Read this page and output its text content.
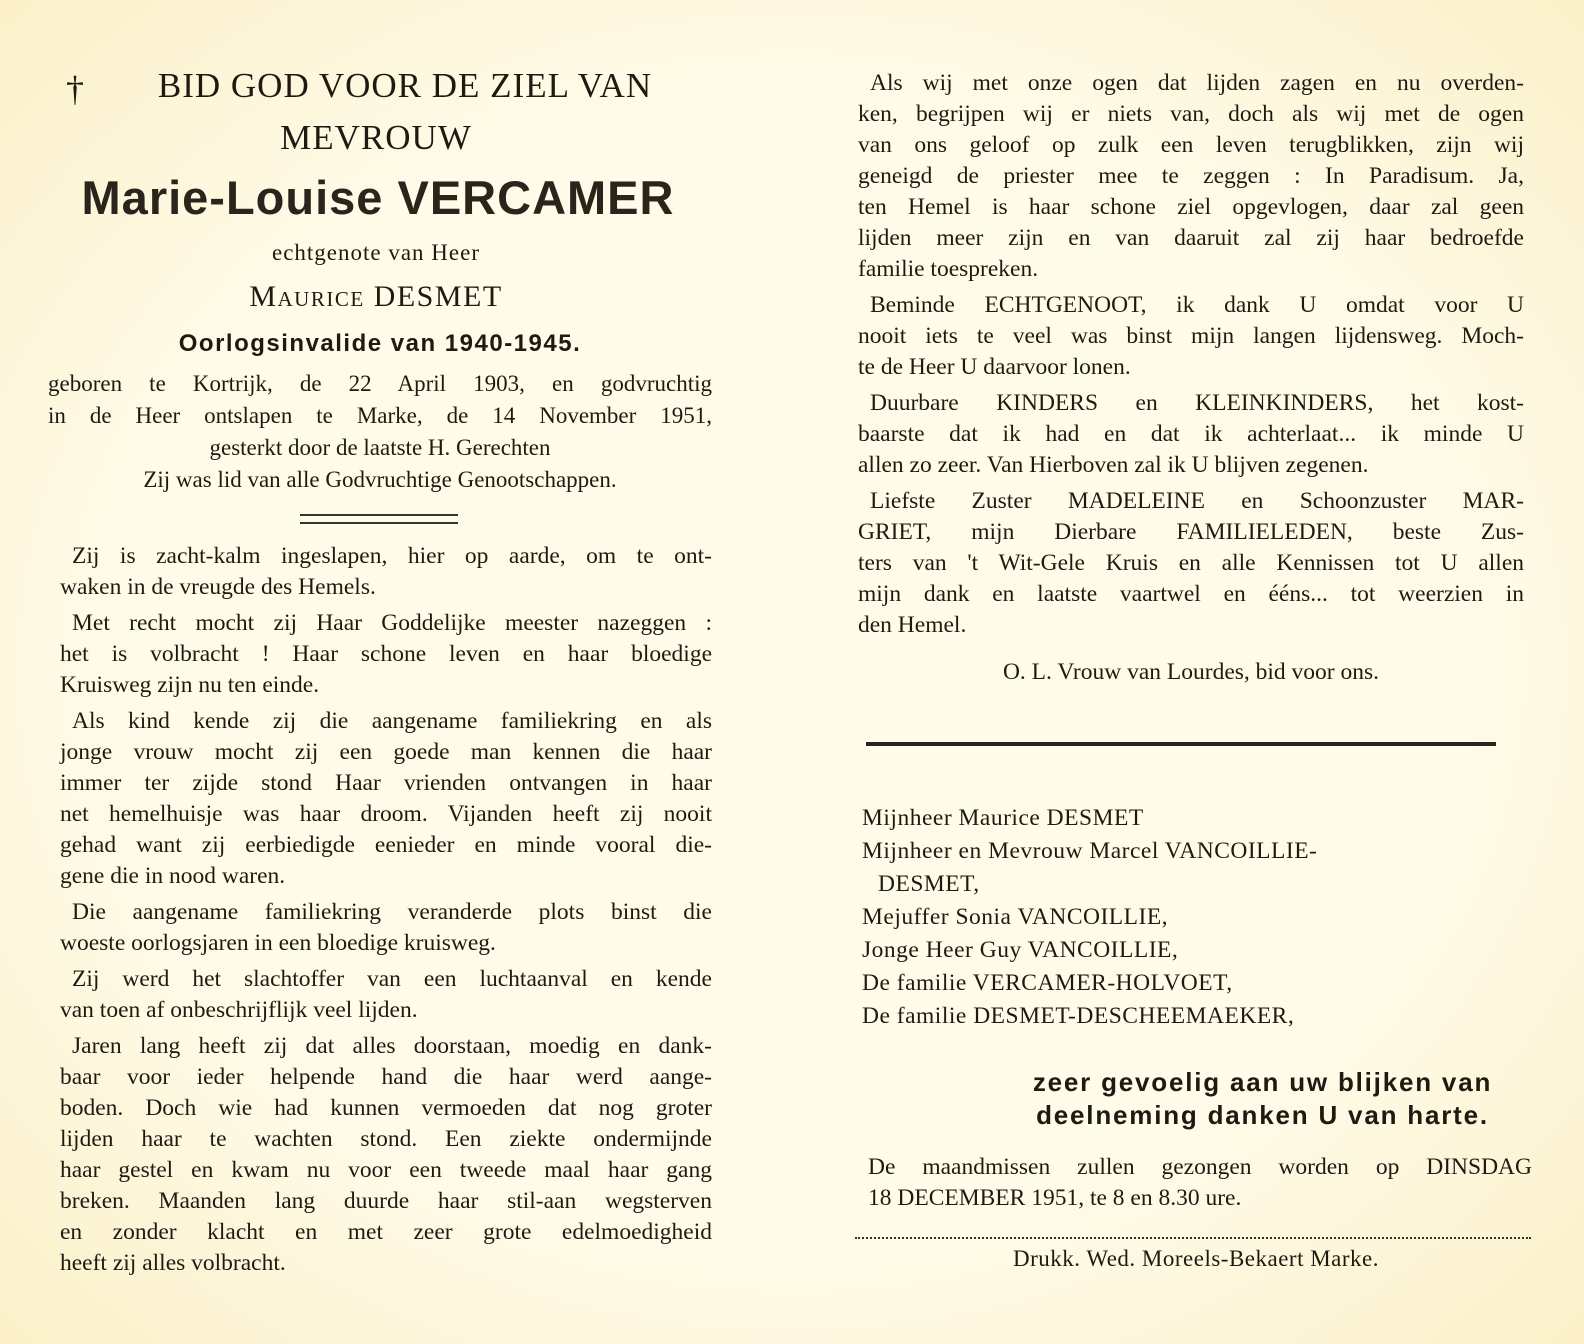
†	BID GOD VOOR DE ZIEL VAN
MEVROUW
Marie-Louise VERCAMER
echtgenote van Heer
Maurice DESMET
Oorlogsinvalide van 1940-1945.
geboren te Kortrijk, de 22 April 1903, en godvruchtig
in de Heer ontslapen te Marke, de 14 November 1951,
gesterkt door de laatste H. Gerechten
Zij was lid van alle Godvruchtige Genootschappen.
Zij is zacht-kalm ingeslapen, hier op aarde, om te ont-
waken in de vreugde des Hemels.
Met recht mocht zij Haar Goddelijke meester nazeggen :
het is volbracht ! Haar schone leven en haar bloedige
Kruisweg zijn nu ten einde.
Als kind kende zij die aangename familiekring en als
jonge vrouw mocht zij een goede man kennen die haar
immer ter zijde stond Haar vrienden ontvangen in haar
net hemelhuisje was haar droom. Vijanden heeft zij nooit
gehad want zij eerbiedigde eenieder en minde vooral die-
gene die in nood waren.
Die aangename familiekring veranderde plots binst die
woeste oorlogsjaren in een bloedige kruisweg.
Zij werd het slachtoffer van een luchtaanval en kende
van toen af onbeschrijflijk veel lijden.
Jaren lang heeft zij dat alles doorstaan, moedig en dank-
baar voor ieder helpende hand die haar werd aange-
boden. Doch wie had kunnen vermoeden dat nog groter
lijden haar te wachten stond. Een ziekte ondermijnde
haar gestel en kwam nu voor een tweede maal haar gang
breken. Maanden lang duurde haar stil-aan wegsterven
en zonder klacht en met zeer grote edelmoedigheid
heeft zij alles volbracht.
Als wij met onze ogen dat lijden zagen en nu overden-
ken, begrijpen wij er niets van, doch als wij met de ogen
van ons geloof op zulk een leven terugblikken, zijn wij
geneigd de priester mee te zeggen : In Paradisum. Ja,
ten Hemel is haar schone ziel opgevlogen, daar zal geen
lijden meer zijn en van daaruit zal zij haar bedroefde
familie toespreken.
Beminde ECHTGENOOT, ik dank U omdat voor U
nooit iets te veel was binst mijn langen lijdensweg. Moch-
te de Heer U daarvoor lonen.
Duurbare KINDERS en KLEINKINDERS, het kost-
baarste dat ik had en dat ik achterlaat... ik minde U
allen zo zeer. Van Hierboven zal ik U blijven zegenen.
Liefste Zuster MADELEINE en Schoonzuster MAR-
GRIET, mijn Dierbare FAMILIELEDEN, beste Zus-
ters van 't Wit-Gele Kruis en alle Kennissen tot U allen
mijn dank en laatste vaartwel en ééns... tot weerzien in
den Hemel.
O. L. Vrouw van Lourdes, bid voor ons.
Mijnheer Maurice DESMET
Mijnheer en Mevrouw Marcel VANCOILLIE-
DESMET,
Mejuffer Sonia VANCOILLIE,
Jonge Heer Guy VANCOILLIE,
De familie VERCAMER-HOLVOET,
De familie DESMET-DESCHEEMAEKER,
zeer gevoelig aan uw blijken van
deelneming danken U van harte.
De maandmissen zullen gezongen worden op DINSDAG
18 DECEMBER 1951, te 8 en 8.30 ure.
Drukk. Wed. Moreels-Bekaert Marke.
